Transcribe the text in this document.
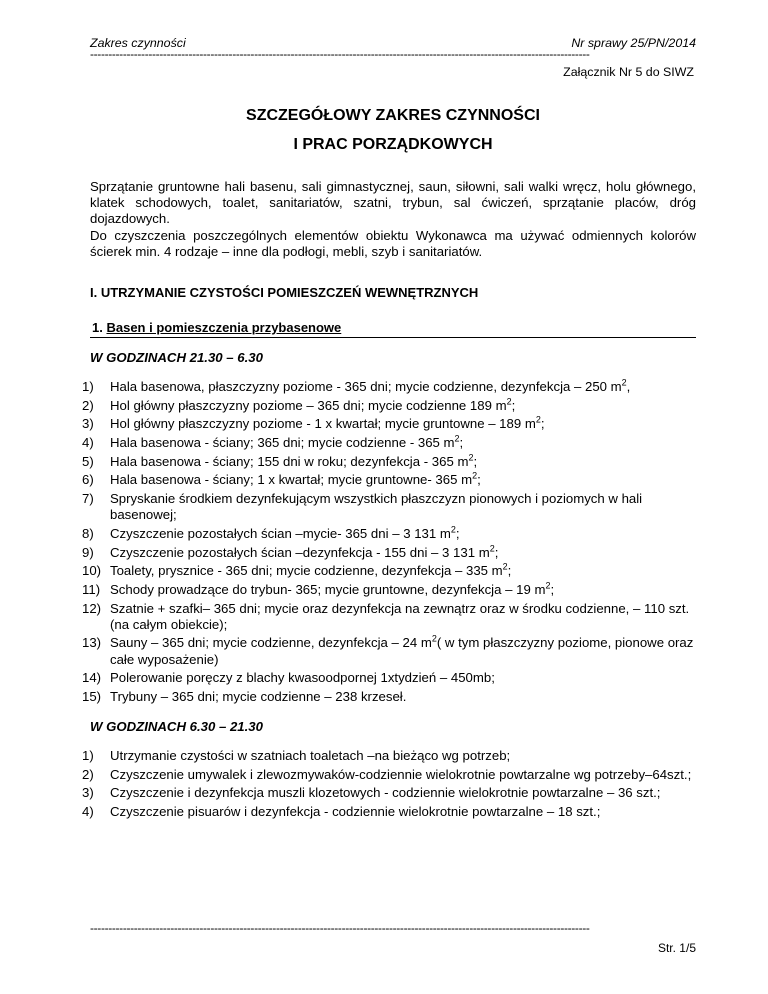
Zakres czynności	Nr sprawy 25/PN/2014
-----------------------------------------------------------------------------------------------------------------------------------------
Załącznik Nr 5 do SIWZ
SZCZEGÓŁOWY ZAKRES CZYNNOŚCI
I PRAC PORZĄDKOWYCH

Sprzątanie gruntowne hali basenu, sali gimnastycznej, saun, siłowni, sali walki wręcz, holu głównego, klatek schodowych, toalet, sanitariatów, szatni, trybun, sal ćwiczeń, sprzątanie placów, dróg dojazdowych.

Do czyszczenia poszczególnych elementów obiektu Wykonawca ma używać odmiennych kolorów ścierek min. 4 rodzaje – inne dla podłogi, mebli, szyb i sanitariatów.

I. UTRZYMANIE CZYSTOŚCI POMIESZCZEŃ WEWNĘTRZNYCH
1. Basen i pomieszczenia przybasenowe
W GODZINACH 21.30 – 6.30
1)	Hala basenowa, płaszczyzny poziome - 365 dni; mycie codzienne, dezynfekcja – 250 $m^2$,
2)	Hol główny płaszczyzny poziome – 365 dni; mycie codzienne 189 $m^2$;
3)	Hol główny płaszczyzny poziome - 1 x kwartał; mycie gruntowne – 189 $m^2$;
4)	Hala basenowa - ściany; 365 dni; mycie codzienne - 365 $m^2$;
5)	Hala basenowa - ściany; 155 dni w roku; dezynfekcja - 365 $m^2$;
6)	Hala basenowa - ściany; 1 x kwartał; mycie gruntowne- 365 $m^2$;
7)	Spryskanie środkiem dezynfekującym wszystkich płaszczyzn pionowych i poziomych w hali basenowej;
8)	Czyszczenie pozostałych ścian –mycie- 365 dni – 3 131 $m^2$;
9)	Czyszczenie pozostałych ścian –dezynfekcja - 155 dni – 3 131 $m^2$;
10) Toalety, prysznice - 365 dni; mycie codzienne, dezynfekcja – 335 $m^2$;
11) Schody prowadzące do trybun- 365; mycie gruntowne, dezynfekcja – 19 $m^2$;
12) Szatnie + szafki– 365 dni; mycie oraz dezynfekcja na zewnątrz oraz w środku codzienne, – 110 szt. (na całym obiekcie);
13) Sauny – 365 dni; mycie codzienne, dezynfekcja – 24 $m^2$( w tym płaszczyzny poziome, pionowe oraz całe wyposażenie)
14) Polerowanie poręczy z blachy kwasoodpornej 1xtydzień – 450mb;
15) Trybuny – 365 dni; mycie codzienne – 238 krzeseł.
W GODZINACH 6.30 – 21.30
1)	Utrzymanie czystości w szatniach toaletach –na bieżąco wg potrzeb;
2)	Czyszczenie umywalek i zlewozmywaków-codziennie wielokrotnie powtarzalne wg potrzeby–64szt.;
3)	Czyszczenie i dezynfekcja muszli klozetowych - codziennie wielokrotnie powtarzalne – 36 szt.;
4)	Czyszczenie pisuarów i dezynfekcja - codziennie wielokrotnie powtarzalne – 18 szt.;
-----------------------------------------------------------------------------------------------------------------------------------------
Str. 1/5
